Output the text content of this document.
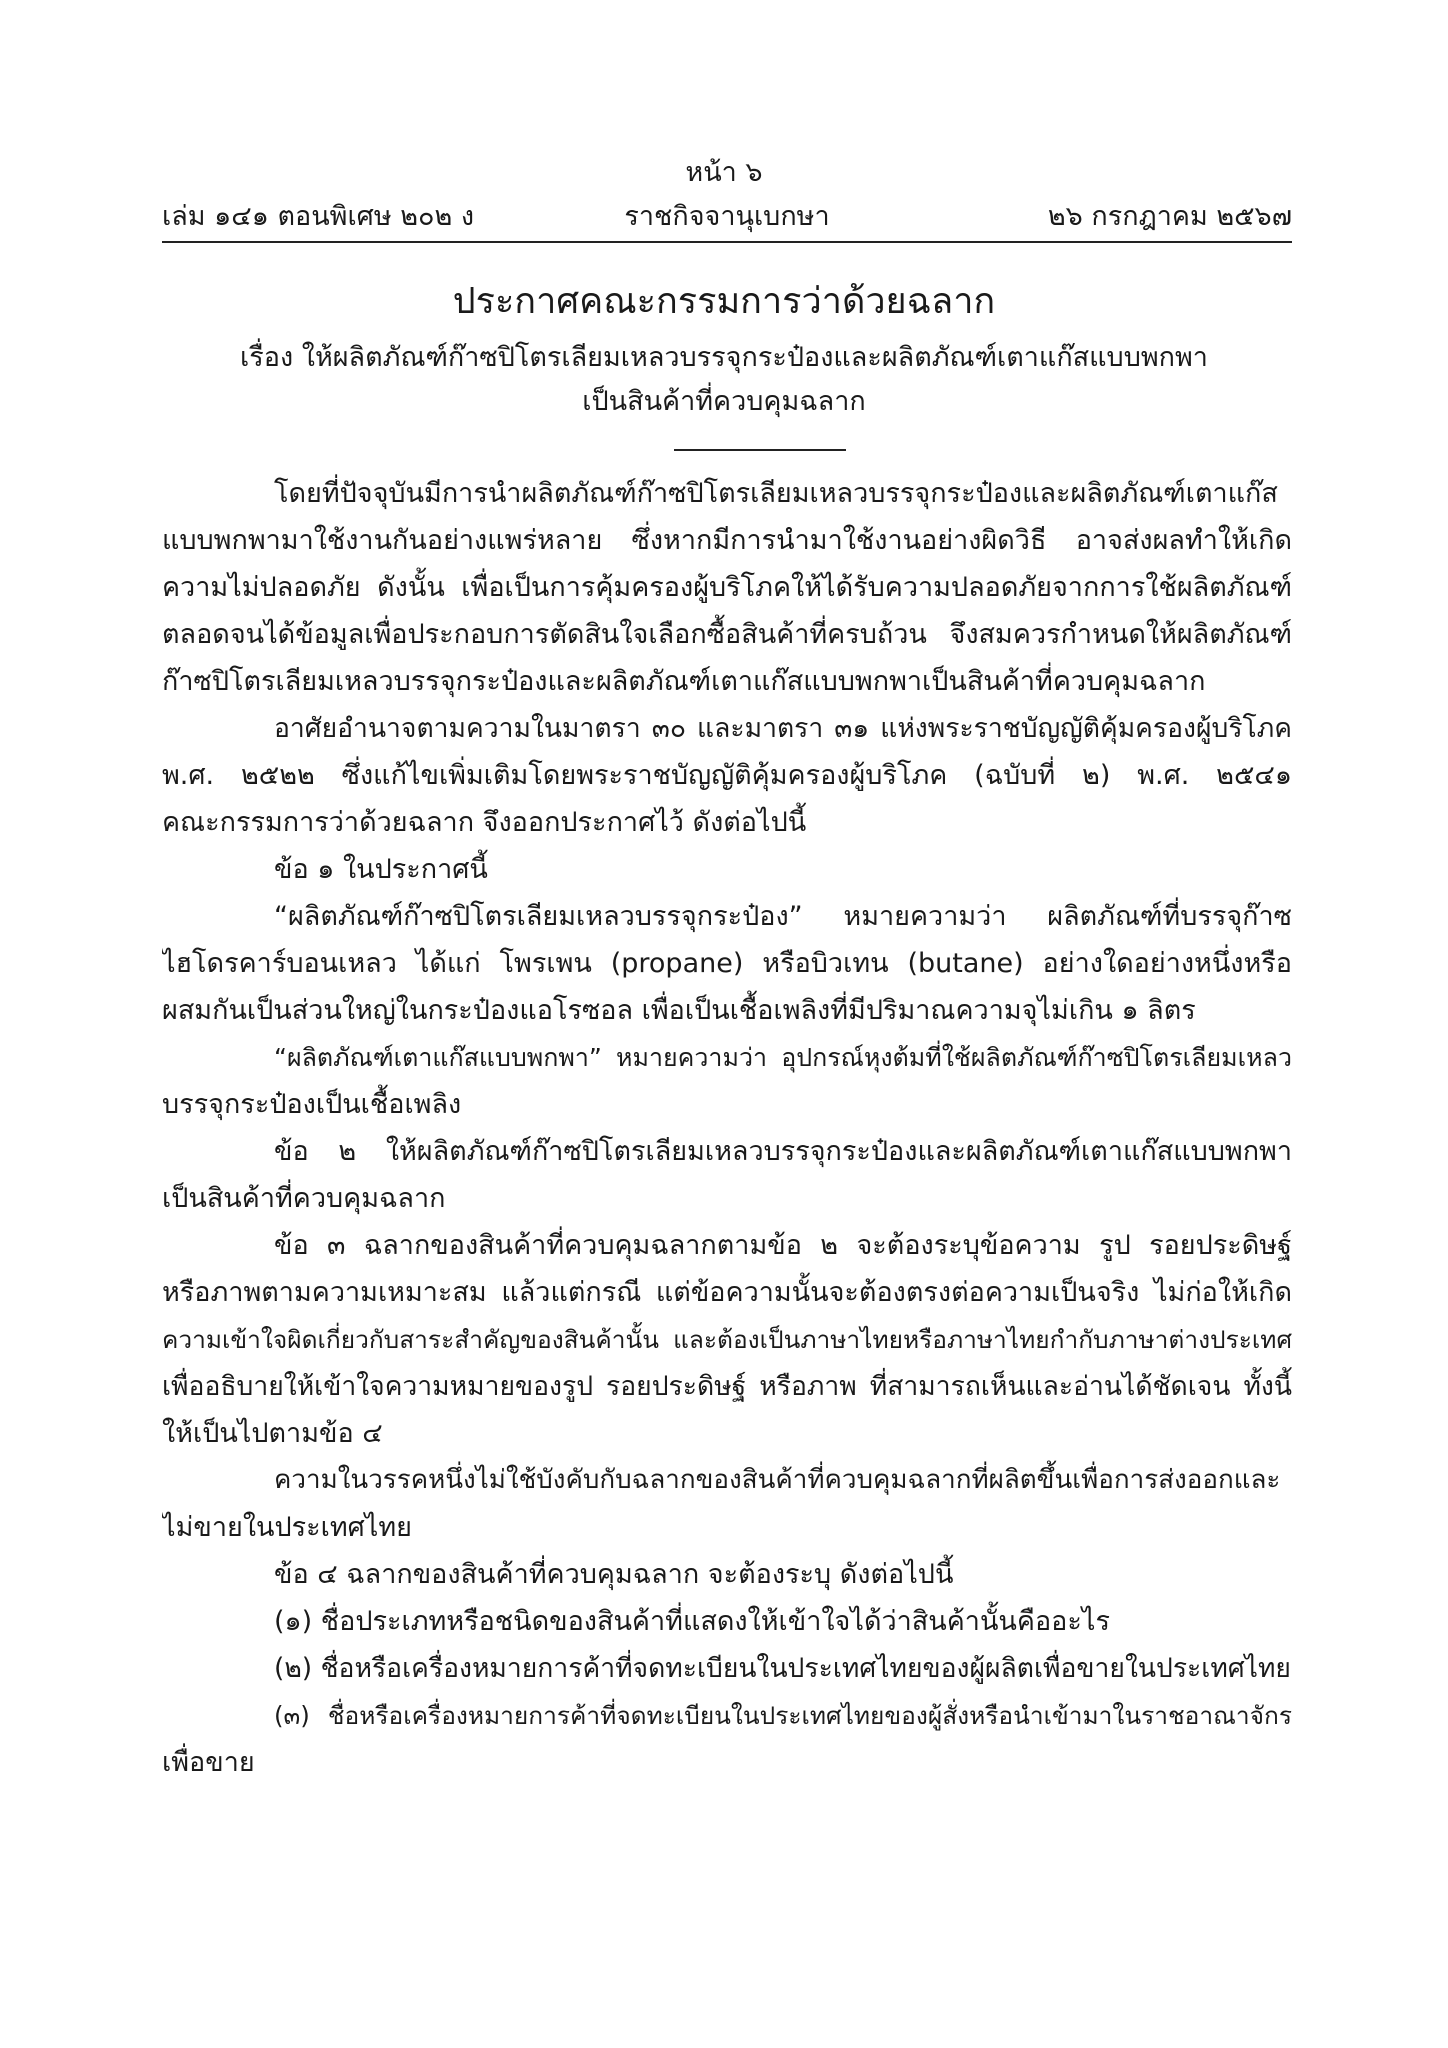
หน้า ๖
เล่ม ๑๔๑ ตอนพิเศษ ๒๐๒ ง	ราชกิจจานุเบกษา	๒๖ กรกฎาคม ๒๕๖๗
ประกาศคณะกรรมการว่าด้วยฉลาก
เรื่อง ให้ผลิตภัณฑ์ก๊าซปิโตรเลียมเหลวบรรจุกระป๋องและผลิตภัณฑ์เตาแก๊สแบบพกพา
เป็นสินค้าที่ควบคุมฉลาก
โดยที่ปัจจุบันมีการนำผลิตภัณฑ์ก๊าซปิโตรเลียมเหลวบรรจุกระป๋องและผลิตภัณฑ์เตาแก๊ส
แบบพกพามาใช้งานกันอย่างแพร่หลาย ซึ่งหากมีการนำมาใช้งานอย่างผิดวิธี อาจส่งผลทำให้เกิด
ความไม่ปลอดภัย ดังนั้น เพื่อเป็นการคุ้มครองผู้บริโภคให้ได้รับความปลอดภัยจากการใช้ผลิตภัณฑ์
ตลอดจนได้ข้อมูลเพื่อประกอบการตัดสินใจเลือกซื้อสินค้าที่ครบถ้วน จึงสมควรกำหนดให้ผลิตภัณฑ์
ก๊าซปิโตรเลียมเหลวบรรจุกระป๋องและผลิตภัณฑ์เตาแก๊สแบบพกพาเป็นสินค้าที่ควบคุมฉลาก
อาศัยอำนาจตามความในมาตรา ๓๐ และมาตรา ๓๑ แห่งพระราชบัญญัติคุ้มครองผู้บริโภค
พ.ศ. ๒๕๒๒ ซึ่งแก้ไขเพิ่มเติมโดยพระราชบัญญัติคุ้มครองผู้บริโภค (ฉบับที่ ๒) พ.ศ. ๒๕๔๑
คณะกรรมการว่าด้วยฉลาก จึงออกประกาศไว้ ดังต่อไปนี้
ข้อ ๑ ในประกาศนี้
“ผลิตภัณฑ์ก๊าซปิโตรเลียมเหลวบรรจุกระป๋อง” หมายความว่า ผลิตภัณฑ์ที่บรรจุก๊าซ
ไฮโดรคาร์บอนเหลว ได้แก่ โพรเพน (propane) หรือบิวเทน (butane) อย่างใดอย่างหนึ่งหรือ
ผสมกันเป็นส่วนใหญ่ในกระป๋องแอโรซอล เพื่อเป็นเชื้อเพลิงที่มีปริมาณความจุไม่เกิน ๑ ลิตร
“ผลิตภัณฑ์เตาแก๊สแบบพกพา” หมายความว่า อุปกรณ์หุงต้มที่ใช้ผลิตภัณฑ์ก๊าซปิโตรเลียมเหลว
บรรจุกระป๋องเป็นเชื้อเพลิง
ข้อ ๒ ให้ผลิตภัณฑ์ก๊าซปิโตรเลียมเหลวบรรจุกระป๋องและผลิตภัณฑ์เตาแก๊สแบบพกพา
เป็นสินค้าที่ควบคุมฉลาก
ข้อ ๓ ฉลากของสินค้าที่ควบคุมฉลากตามข้อ ๒ จะต้องระบุข้อความ รูป รอยประดิษฐ์
หรือภาพตามความเหมาะสม แล้วแต่กรณี แต่ข้อความนั้นจะต้องตรงต่อความเป็นจริง ไม่ก่อให้เกิด
ความเข้าใจผิดเกี่ยวกับสาระสำคัญของสินค้านั้น และต้องเป็นภาษาไทยหรือภาษาไทยกำกับภาษาต่างประเทศ
เพื่ออธิบายให้เข้าใจความหมายของรูป รอยประดิษฐ์ หรือภาพ ที่สามารถเห็นและอ่านได้ชัดเจน ทั้งนี้
ให้เป็นไปตามข้อ ๔
ความในวรรคหนึ่งไม่ใช้บังคับกับฉลากของสินค้าที่ควบคุมฉลากที่ผลิตขึ้นเพื่อการส่งออกและ
ไม่ขายในประเทศไทย
ข้อ ๔ ฉลากของสินค้าที่ควบคุมฉลาก จะต้องระบุ ดังต่อไปนี้
(๑) ชื่อประเภทหรือชนิดของสินค้าที่แสดงให้เข้าใจได้ว่าสินค้านั้นคืออะไร
(๒) ชื่อหรือเครื่องหมายการค้าที่จดทะเบียนในประเทศไทยของผู้ผลิตเพื่อขายในประเทศไทย
(๓) ชื่อหรือเครื่องหมายการค้าที่จดทะเบียนในประเทศไทยของผู้สั่งหรือนำเข้ามาในราชอาณาจักร
เพื่อขาย
